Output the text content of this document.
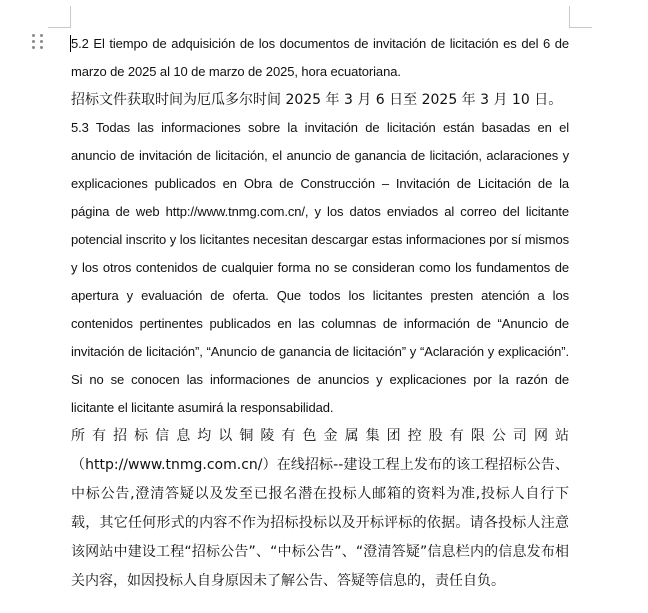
5.2 El tiempo de adquisición de los documentos de invitación de licitación es del 6 de marzo de 2025 al 10 de marzo de 2025, hora ecuatoriana.

招标文件获取时间为厄瓜多尔时间 2025 年 3 月 6 日至 2025 年 3 月 10 日。

5.3 Todas las informaciones sobre la invitación de licitación están basadas en el anuncio de invitación de licitación, el anuncio de ganancia de licitación, aclaraciones y explicaciones publicados en Obra de Construcción – Invitación de Licitación de la página de web http://www.tnmg.com.cn/, y los datos enviados al correo del licitante potencial inscrito y los licitantes necesitan descargar estas informaciones por sí mismos y los otros contenidos de cualquier forma no se consideran como los fundamentos de apertura y evaluación de oferta. Que todos los licitantes presten atención a los contenidos pertinentes publicados en las columnas de información de “Anuncio de invitación de licitación”, “Anuncio de ganancia de licitación” y “Aclaración y explicación”. Si no se conocen las informaciones de anuncios y explicaciones por la razón de licitante el licitante asumirá la responsabilidad.

所有招标信息均以铜陵有色金属集团控股有限公司网站（http://www.tnmg.com.cn/）在线招标--建设工程上发布的该工程招标公告、中标公告,澄清答疑以及发至已报名潜在投标人邮箱的资料为准,投标人自行下载，其它任何形式的内容不作为招标投标以及开标评标的依据。请各投标人注意该网站中建设工程“招标公告”、“中标公告”、“澄清答疑”信息栏内的信息发布相关内容，如因投标人自身原因未了解公告、答疑等信息的，责任自负。
